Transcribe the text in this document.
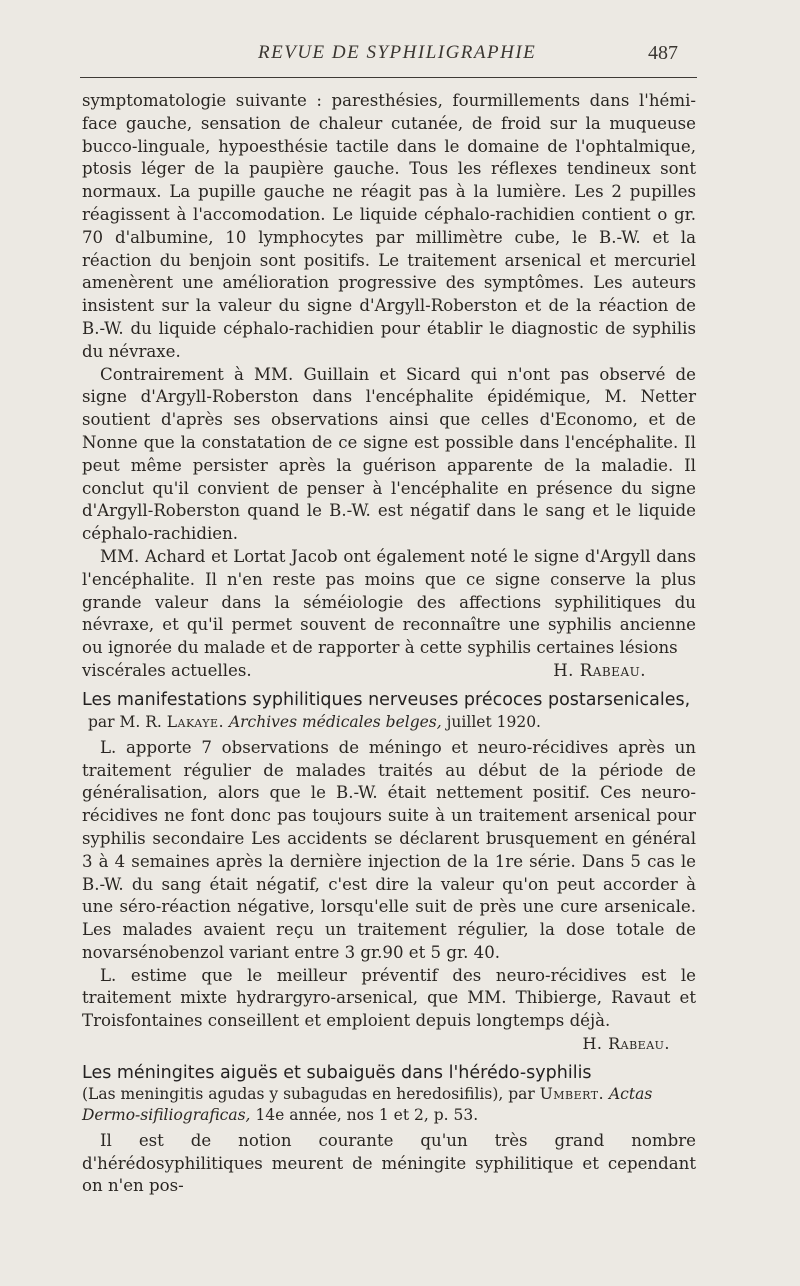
REVUE DE SYPHILIGRAPHIE	487

symptomatologie suivante : paresthésies, fourmillements dans l'hémi-face gauche, sensation de chaleur cutanée, de froid sur la muqueuse bucco-linguale, hypoesthésie tactile dans le domaine de l'ophtalmique, ptosis léger de la paupière gauche. Tous les réflexes tendineux sont normaux. La pupille gauche ne réagit pas à la lumière. Les 2 pupilles réagissent à l'accomodation. Le liquide céphalo-rachidien contient o gr. 70 d'albumine, 10 lymphocytes par millimètre cube, le B.-W. et la réaction du benjoin sont positifs. Le traitement arsenical et mercuriel amenèrent une amélioration progressive des symptômes. Les auteurs insistent sur la valeur du signe d'Argyll-Roberston et de la réaction de B.-W. du liquide céphalo-rachidien pour établir le diagnostic de syphilis du névraxe.

Contrairement à MM. Guillain et Sicard qui n'ont pas observé de signe d'Argyll-Roberston dans l'encéphalite épidémique, M. Netter soutient d'après ses observations ainsi que celles d'Economo, et de Nonne que la constatation de ce signe est possible dans l'encéphalite. Il peut même persister après la guérison apparente de la maladie. Il conclut qu'il convient de penser à l'encéphalite en présence du signe d'Argyll-Roberston quand le B.-W. est négatif dans le sang et le liquide céphalo-rachidien.

MM. Achard et Lortat Jacob ont également noté le signe d'Argyll dans l'encéphalite. Il n'en reste pas moins que ce signe conserve la plus grande valeur dans la séméiologie des affections syphilitiques du névraxe, et qu'il permet souvent de reconnaître une syphilis ancienne ou ignorée du malade et de rapporter à cette syphilis certaines lésions

viscérales actuelles.	H. Rabeau.

Les manifestations syphilitiques nerveuses précoces postarsenicales,

par M. R. Lakaye. Archives médicales belges, juillet 1920.

L. apporte 7 observations de méningo et neuro-récidives après un traitement régulier de malades traités au début de la période de généralisation, alors que le B.-W. était nettement positif. Ces neuro-récidives ne font donc pas toujours suite à un traitement arsenical pour syphilis secondaire Les accidents se déclarent brusquement en général 3 à 4 semaines après la dernière injection de la 1re série. Dans 5 cas le B.-W. du sang était négatif, c'est dire la valeur qu'on peut accorder à une séro-réaction négative, lorsqu'elle suit de près une cure arsenicale. Les malades avaient reçu un traitement régulier, la dose totale de novarsénobenzol variant entre 3 gr.90 et 5 gr. 40.

L. estime que le meilleur préventif des neuro-récidives est le traitement mixte hydrargyro-arsenical, que MM. Thibierge, Ravaut et Troisfontaines conseillent et emploient depuis longtemps déjà.

H. Rabeau.

Les méningites aiguës et subaiguës dans l'hérédo-syphilis

(Las meningitis agudas y subagudas en heredosifilis), par Umbert. Actas Dermo-sifiliograficas, 14e année, nos 1 et 2, p. 53.

Il est de notion courante qu'un très grand nombre d'hérédosyphilitiques meurent de méningite syphilitique et cependant on n'en pos-
